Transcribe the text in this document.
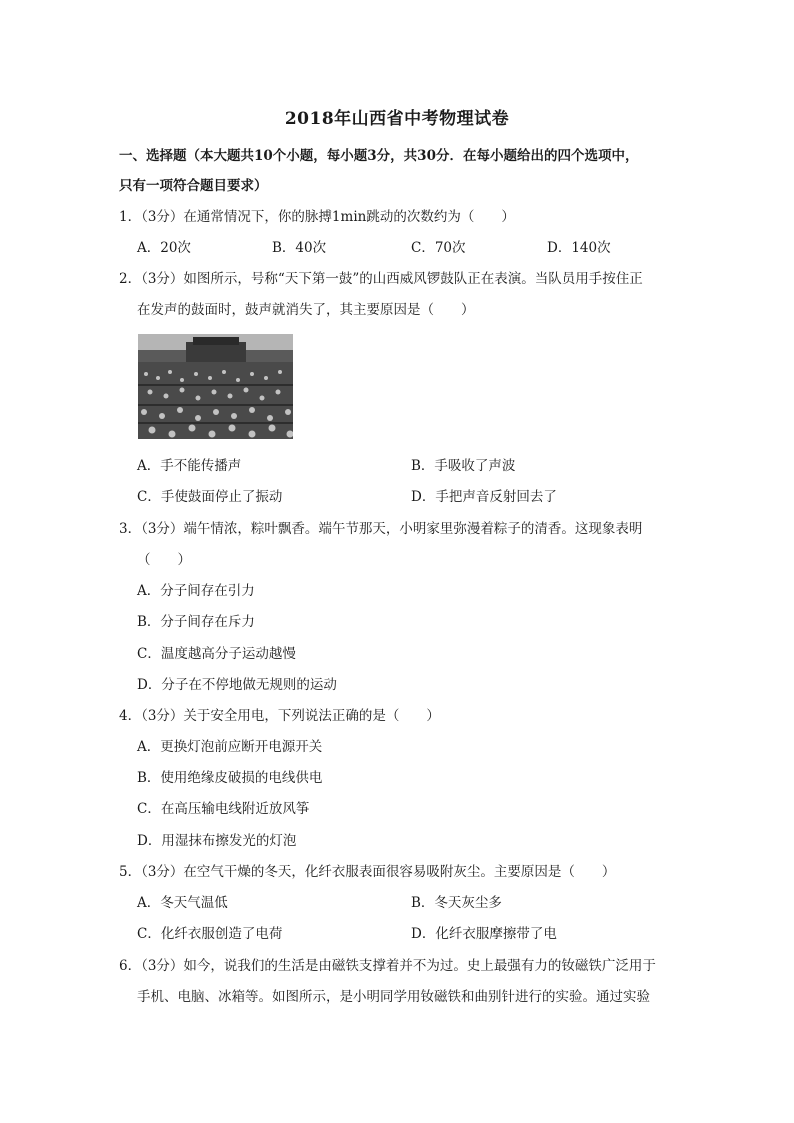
2018年山西省中考物理试卷
一、选择题（本大题共10个小题，每小题3分，共30分．在每小题给出的四个选项中，
只有一项符合题目要求）
1．（3分）在通常情况下，你的脉搏1min跳动的次数约为（　　）
A．20次	B．40次	C．70次	D．140次
2．（3分）如图所示，号称“天下第一鼓”的山西威风锣鼓队正在表演。当队员用手按住正
在发声的鼓面时，鼓声就消失了，其主要原因是（　　）
A．手不能传播声	B．手吸收了声波
C．手使鼓面停止了振动	D．手把声音反射回去了
3．（3分）端午情浓，粽叶飘香。端午节那天，小明家里弥漫着粽子的清香。这现象表明
（　　）
A．分子间存在引力
B．分子间存在斥力
C．温度越高分子运动越慢
D．分子在不停地做无规则的运动
4．（3分）关于安全用电，下列说法正确的是（　　）
A．更换灯泡前应断开电源开关
B．使用绝缘皮破损的电线供电
C．在高压输电线附近放风筝
D．用湿抹布擦发光的灯泡
5．（3分）在空气干燥的冬天，化纤衣服表面很容易吸附灰尘。主要原因是（　　）
A．冬天气温低	B．冬天灰尘多
C．化纤衣服创造了电荷	D．化纤衣服摩擦带了电
6．（3分）如今，说我们的生活是由磁铁支撑着并不为过。史上最强有力的钕磁铁广泛用于
手机、电脑、冰箱等。如图所示，是小明同学用钕磁铁和曲别针进行的实验。通过实验
